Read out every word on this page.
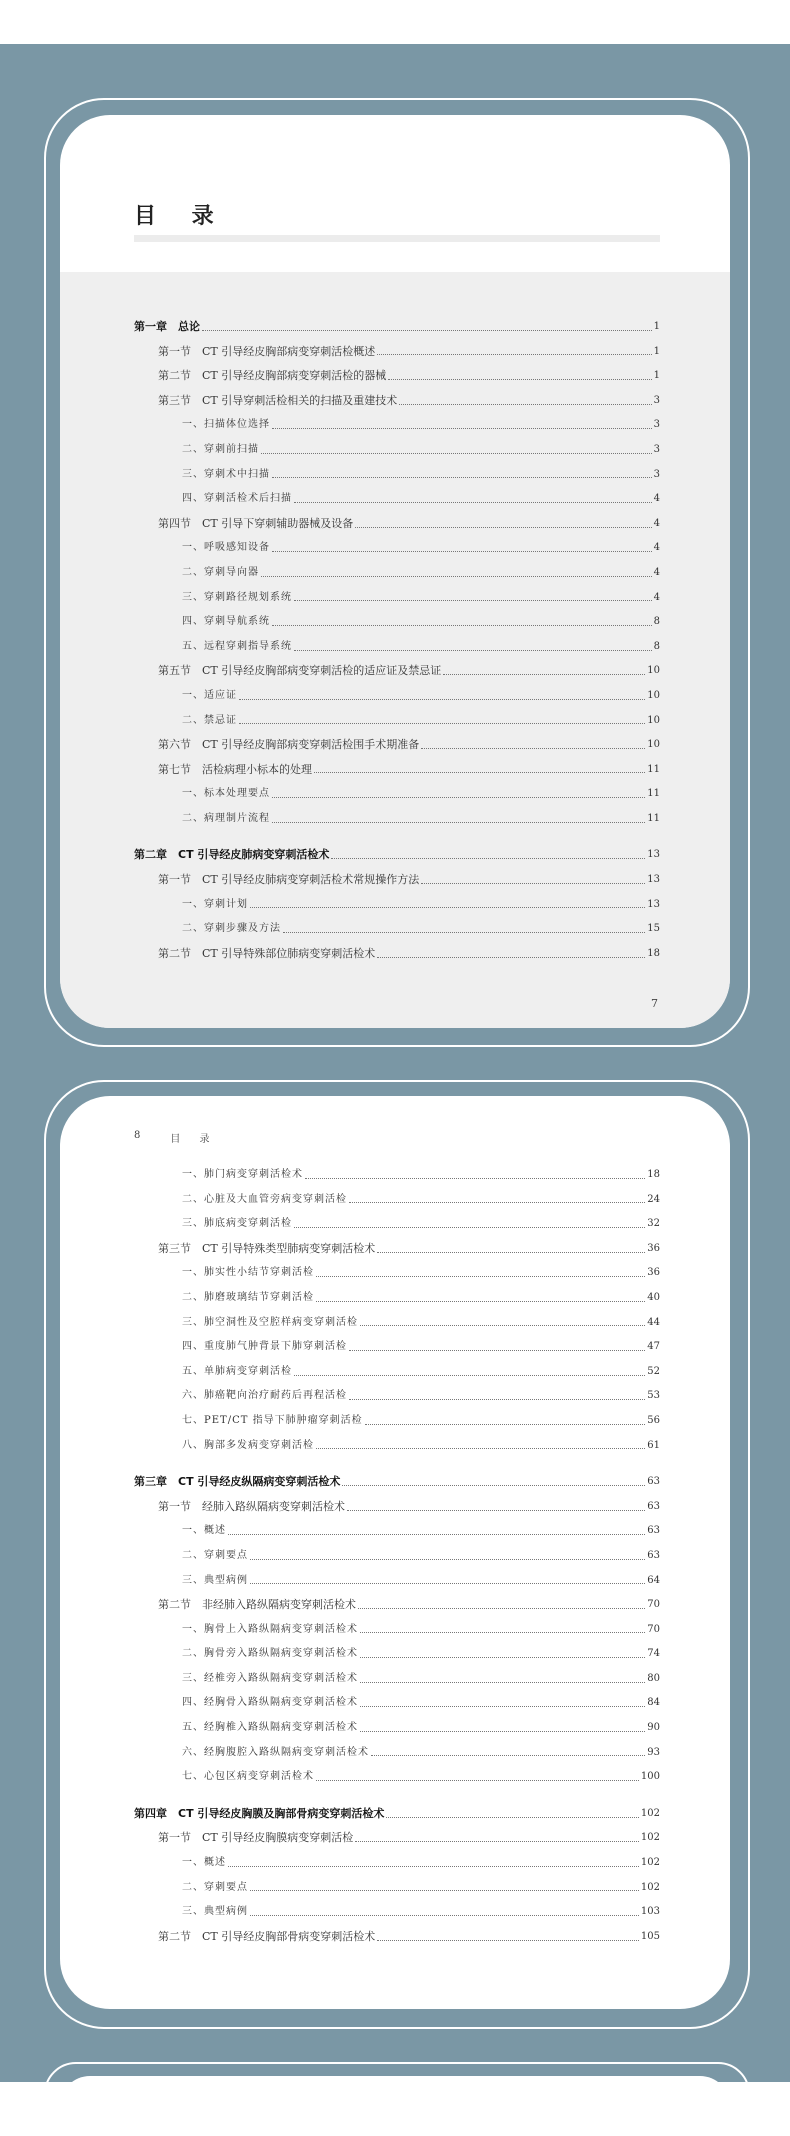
目 录
第一章　总论	1
第一节　CT 引导经皮胸部病变穿刺活检概述	1
第二节　CT 引导经皮胸部病变穿刺活检的器械	1
第三节　CT 引导穿刺活检相关的扫描及重建技术	3
一、扫描体位选择	3
二、穿刺前扫描	3
三、穿刺术中扫描	3
四、穿刺活检术后扫描	4
第四节　CT 引导下穿刺辅助器械及设备	4
一、呼吸感知设备	4
二、穿刺导向器	4
三、穿刺路径规划系统	4
四、穿刺导航系统	8
五、远程穿刺指导系统	8
第五节　CT 引导经皮胸部病变穿刺活检的适应证及禁忌证	10
一、适应证	10
二、禁忌证	10
第六节　CT 引导经皮胸部病变穿刺活检围手术期准备	10
第七节　活检病理小标本的处理	11
一、标本处理要点	11
二、病理制片流程	11
第二章　CT 引导经皮肺病变穿刺活检术	13
第一节　CT 引导经皮肺病变穿刺活检术常规操作方法	13
一、穿刺计划	13
二、穿刺步骤及方法	15
第二节　CT 引导特殊部位肺病变穿刺活检术	18
7
8	目 录
一、肺门病变穿刺活检术	18
二、心脏及大血管旁病变穿刺活检	24
三、肺底病变穿刺活检	32
第三节　CT 引导特殊类型肺病变穿刺活检术	36
一、肺实性小结节穿刺活检	36
二、肺磨玻璃结节穿刺活检	40
三、肺空洞性及空腔样病变穿刺活检	44
四、重度肺气肿背景下肺穿刺活检	47
五、单肺病变穿刺活检	52
六、肺癌靶向治疗耐药后再程活检	53
七、PET/CT 指导下肺肿瘤穿刺活检	56
八、胸部多发病变穿刺活检	61
第三章　CT 引导经皮纵隔病变穿刺活检术	63
第一节　经肺入路纵隔病变穿刺活检术	63
一、概述	63
二、穿刺要点	63
三、典型病例	64
第二节　非经肺入路纵隔病变穿刺活检术	70
一、胸骨上入路纵隔病变穿刺活检术	70
二、胸骨旁入路纵隔病变穿刺活检术	74
三、经椎旁入路纵隔病变穿刺活检术	80
四、经胸骨入路纵隔病变穿刺活检术	84
五、经胸椎入路纵隔病变穿刺活检术	90
六、经胸腹腔入路纵隔病变穿刺活检术	93
七、心包区病变穿刺活检术	100
第四章　CT 引导经皮胸膜及胸部骨病变穿刺活检术	102
第一节　CT 引导经皮胸膜病变穿刺活检	102
一、概述	102
二、穿刺要点	102
三、典型病例	103
第二节　CT 引导经皮胸部骨病变穿刺活检术	105
